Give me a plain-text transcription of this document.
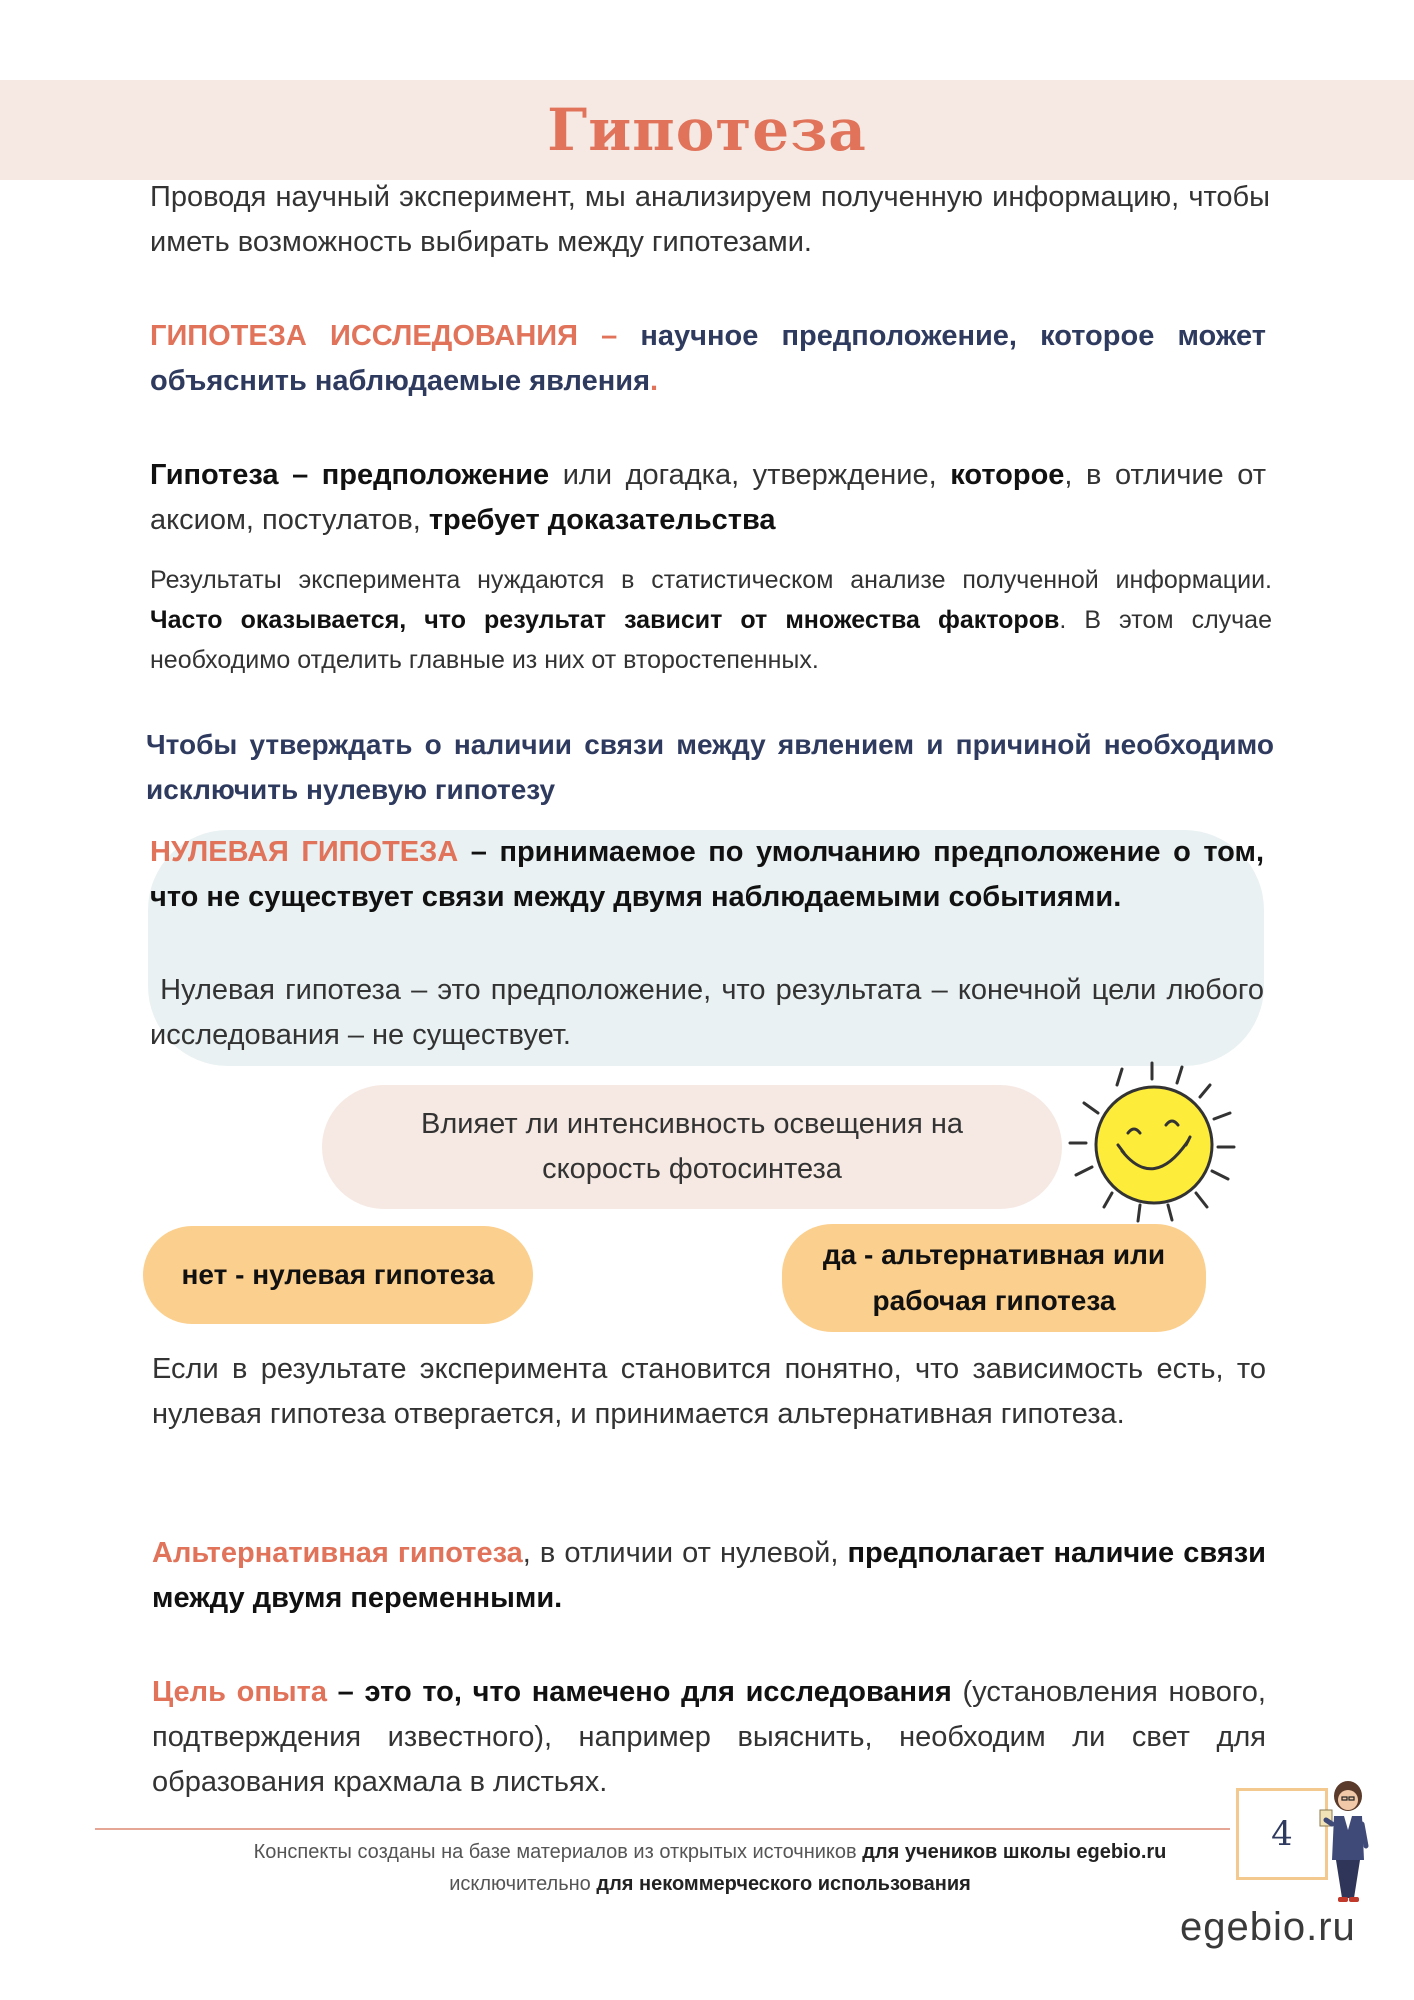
Гипотеза
Проводя научный эксперимент, мы анализируем полученную информацию, чтобы иметь возможность выбирать между гипотезами.
ГИПОТЕЗА ИССЛЕДОВАНИЯ – научное предположение, которое может объяснить наблюдаемые явления.
Гипотеза – предположение или догадка, утверждение, которое, в отличие от аксиом, постулатов, требует доказательства
Результаты эксперимента нуждаются в статистическом анализе полученной информации. Часто оказывается, что результат зависит от множества факторов. В этом случае необходимо отделить главные из них от второстепенных.
Чтобы утверждать о наличии связи между явлением и причиной необходимо исключить нулевую гипотезу
НУЛЕВАЯ ГИПОТЕЗА – принимаемое по умолчанию предположение о том, что не существует связи между двумя наблюдаемыми событиями.
Нулевая гипотеза – это предположение, что результата – конечной цели любого исследования – не существует.
Влияет ли интенсивность освещения на скорость фотосинтеза
нет - нулевая гипотеза
да - альтернативная или рабочая гипотеза
Если в результате эксперимента становится понятно, что зависимость есть, то нулевая гипотеза отвергается, и принимается альтернативная гипотеза.
Альтернативная гипотеза, в отличии от нулевой, предполагает наличие связи между двумя переменными.
Цель опыта – это то, что намечено для исследования (установления нового, подтверждения известного), например выяснить, необходим ли свет для образования крахмала в листьях.
Конспекты созданы на базе материалов из открытых источников для учеников школы egebio.ru
исключительно для некоммерческого использования
4
egebio.ru
